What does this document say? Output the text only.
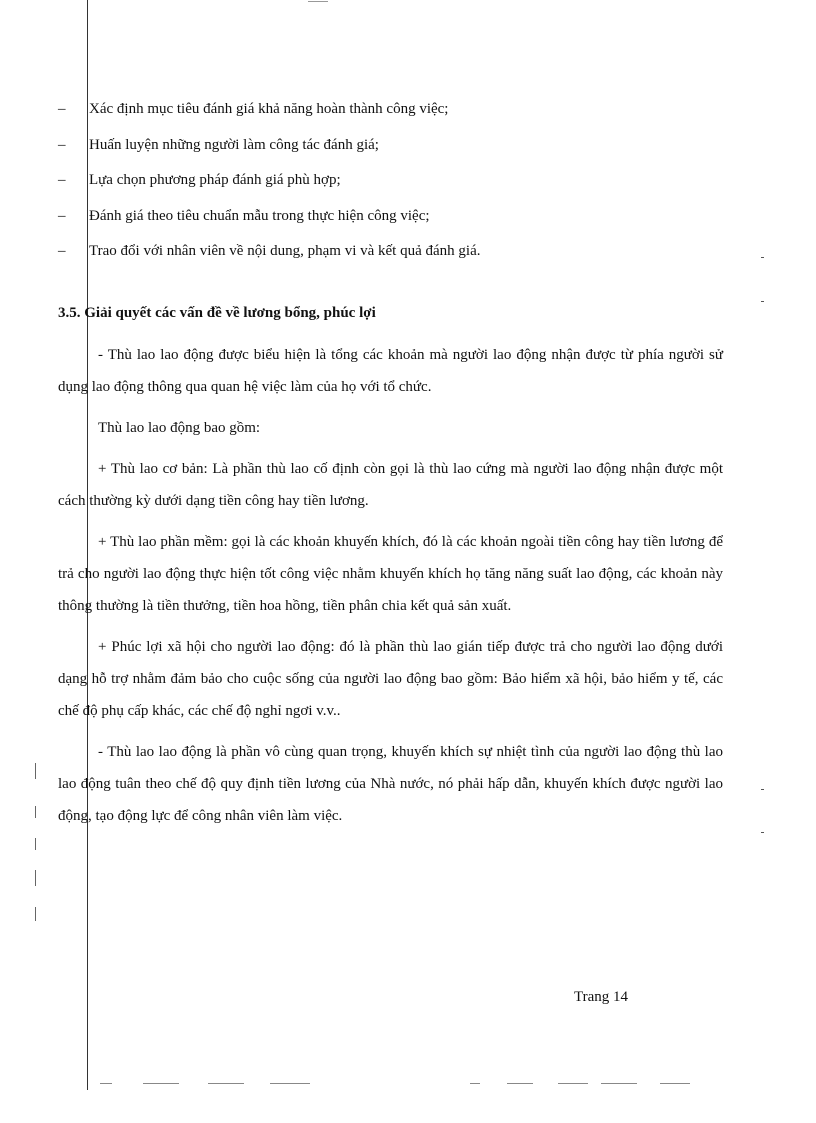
– Xác định mục tiêu đánh giá khả năng hoàn thành công việc;
– Huấn luyện những người làm công tác đánh giá;
– Lựa chọn phương pháp đánh giá phù hợp;
– Đánh giá theo tiêu chuẩn mẫu trong thực hiện công việc;
– Trao đổi với nhân viên về nội dung, phạm vi và kết quả đánh giá.
3.5. Giải quyết các vấn đề về lương bổng, phúc lợi

- Thù lao lao động được biểu hiện là tổng các khoản mà người lao động nhận được từ phía người sử dụng lao động thông qua quan hệ việc làm của họ với tổ chức.

Thù lao lao động bao gồm:

+ Thù lao cơ bản: Là phần thù lao cố định còn gọi là thù lao cứng mà người lao động nhận được một cách thường kỳ dưới dạng tiền công hay tiền lương.

+ Thù lao phần mềm: gọi là các khoản khuyến khích, đó là các khoản ngoài tiền công hay tiền lương để trả cho người lao động thực hiện tốt công việc nhằm khuyến khích họ tăng năng suất lao động, các khoản này thông thường là tiền thưởng, tiền hoa hồng, tiền phân chia kết quả sản xuất.

+ Phúc lợi xã hội cho người lao động: đó là phần thù lao gián tiếp được trả cho người lao động dưới dạng hỗ trợ nhằm đảm bảo cho cuộc sống của người lao động bao gồm: Bảo hiểm xã hội, bảo hiểm y tế, các chế độ phụ cấp khác, các chế độ nghỉ ngơi v.v..

- Thù lao lao động là phần vô cùng quan trọng, khuyến khích sự nhiệt tình của người lao động thù lao lao động tuân theo chế độ quy định tiền lương của Nhà nước, nó phải hấp dẫn, khuyến khích được người lao động, tạo động lực để công nhân viên làm việc.

Trang 14
